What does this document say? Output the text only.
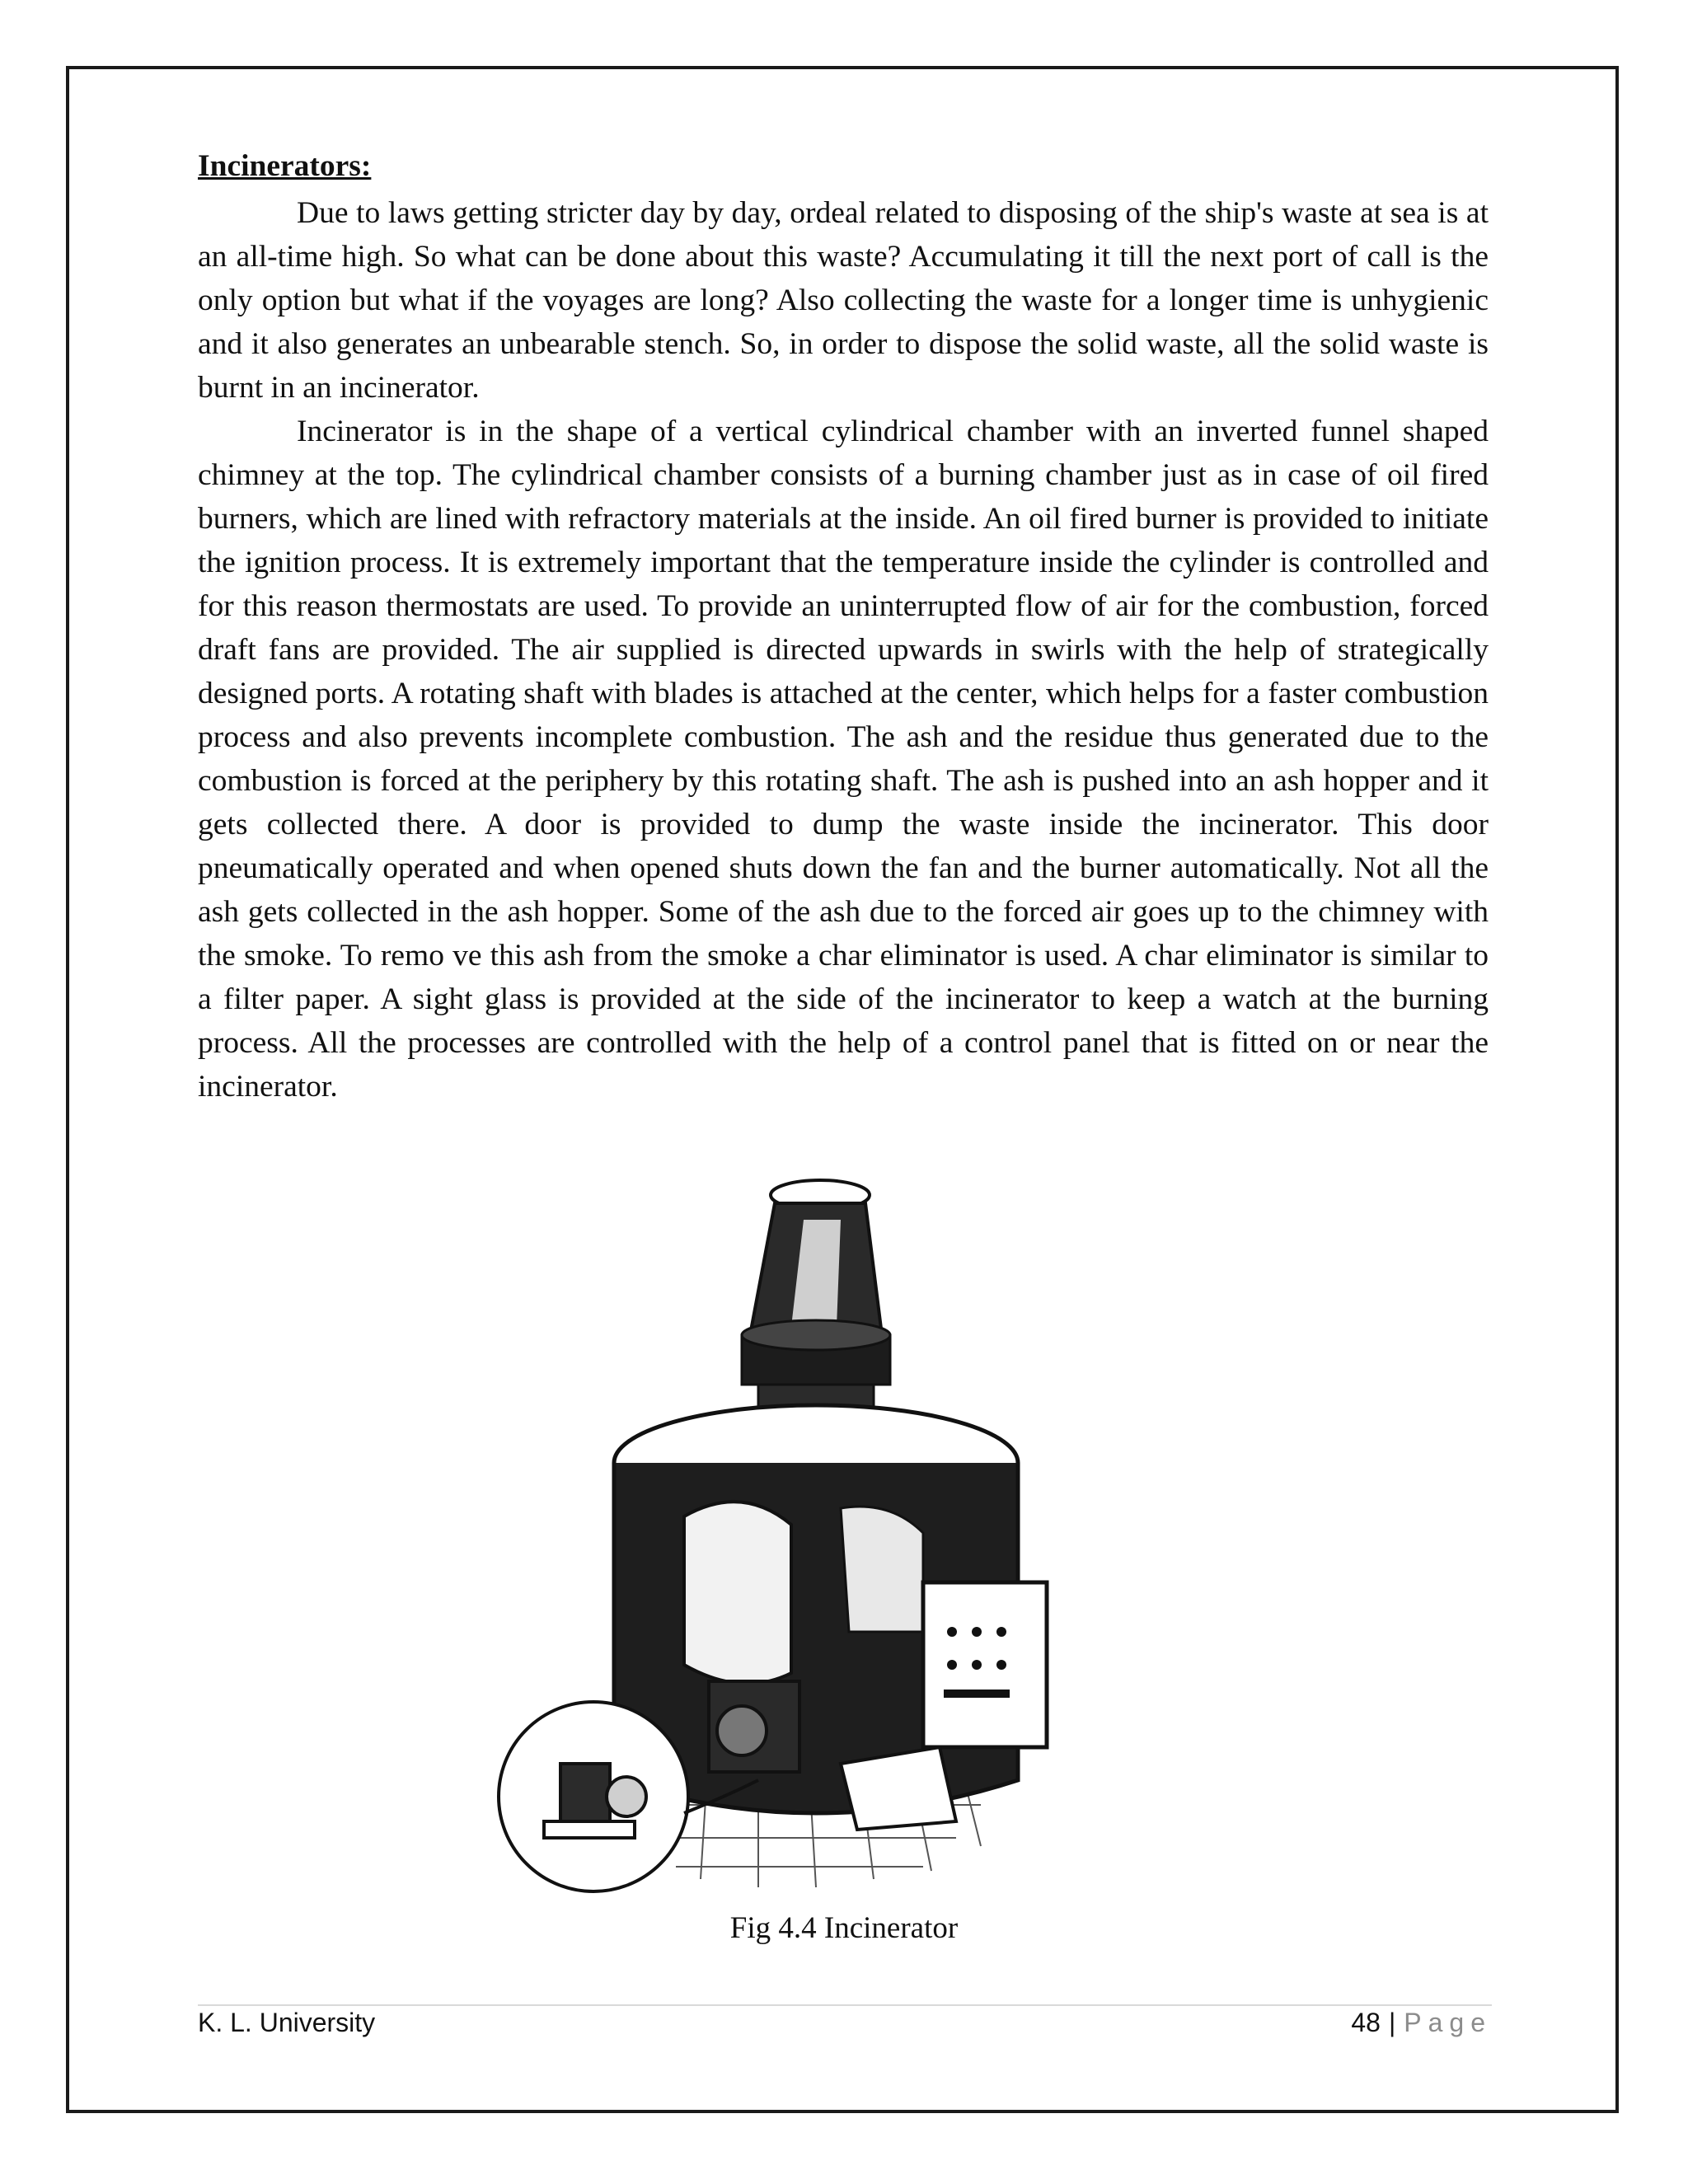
Incinerators:

Due to laws getting stricter day by day, ordeal related to disposing of the ship's waste at sea is at an all-time high. So what can be done about this waste? Accumulating it till the next port of call is the only option but what if the voyages are long? Also collecting the waste for a longer time is unhygienic and it also generates an unbearable stench. So, in order to dispose the solid waste, all the solid waste is burnt in an incinerator.

Incinerator is in the shape of a vertical cylindrical chamber with an inverted funnel shaped chimney at the top. The cylindrical chamber consists of a burning chamber just as in case of oil fired burners, which are lined with refractory materials at the inside. An oil fired burner is provided to initiate the ignition process. It is extremely important that the temperature inside the cylinder is controlled and for this reason thermostats are used. To provide an uninterrupted flow of air for the combustion, forced draft fans are provided. The air supplied is directed upwards in swirls with the help of strategically designed ports. A rotating shaft with blades is attached at the center, which helps for a faster combustion process and also prevents incomplete combustion. The ash and the residue thus generated due to the combustion is forced at the periphery by this rotating shaft. The ash is pushed into an ash hopper and it gets collected there. A door is provided to dump the waste inside the incinerator. This door pneumatically operated and when opened shuts down the fan and the burner automatically. Not all the ash gets collected in the ash hopper. Some of the ash due to the forced air goes up to the chimney with the smoke. To remo ve this ash from the smoke a char eliminator is used. A char eliminator is similar to a filter paper. A sight glass is provided at the side of the incinerator to keep a watch at the burning process. All the processes are controlled with the help of a control panel that is fitted on or near the incinerator.

Fig 4.4 Incinerator
K. L. University	48 | Page
